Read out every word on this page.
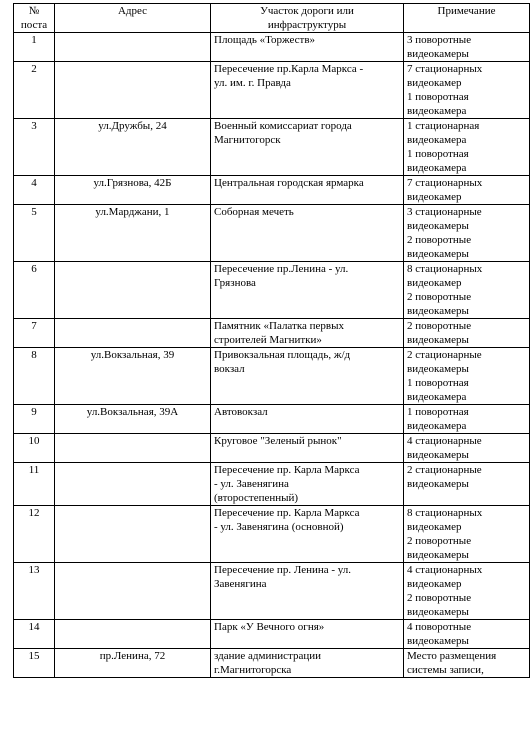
№
поста	Адрес	Участок дороги или
инфраструктуры	Примечание

1		Площадь «Торжеств»	3 поворотные
видеокамеры

2		Пересечение пр.Карла Маркса -
ул. им. г. Правда	7 стационарных
видеокамер
1 поворотная
видеокамера

3	ул.Дружбы, 24	Военный комиссариат города
Магнитогорск	1 стационарная
видеокамера
1 поворотная
видеокамера

4	ул.Грязнова, 42Б	Центральная городская ярмарка	7 стационарных
видеокамер

5	ул.Марджани, 1	Соборная мечеть	3 стационарные
видеокамеры
2 поворотные
видеокамеры

6		Пересечение пр.Ленина - ул.
Грязнова	8 стационарных
видеокамер
2 поворотные
видеокамеры

7		Памятник «Палатка первых
строителей Магнитки»	2 поворотные
видеокамеры

8	ул.Вокзальная, 39	Привокзальная площадь, ж/д
вокзал	2 стационарные
видеокамеры
1 поворотная
видеокамера

9	ул.Вокзальная, 39А	Автовокзал	1 поворотная
видеокамера

10		Круговое "Зеленый рынок"	4 стационарные
видеокамеры

11		Пересечение пр. Карла Маркса
- ул. Завенягина
(второстепенный)	2 стационарные
видеокамеры

12		Пересечение пр. Карла Маркса
- ул. Завенягина (основной)	8 стационарных
видеокамер
2 поворотные
видеокамеры

13		Пересечение пр. Ленина - ул.
Завенягина	4 стационарных
видеокамер
2 поворотные
видеокамеры

14		Парк «У Вечного огня»	4 поворотные
видеокамеры

15	пр.Ленина, 72	здание администрации
г.Магнитогорска	Место размещения
системы записи,
